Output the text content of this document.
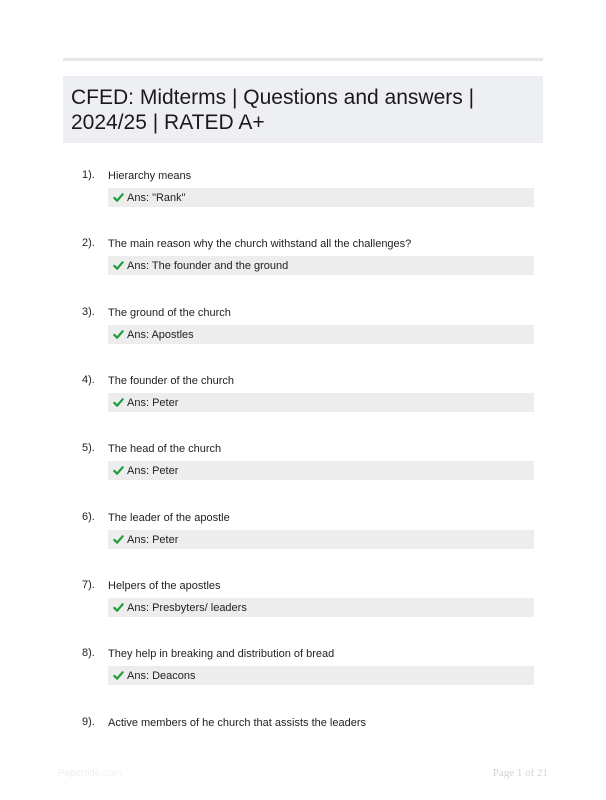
CFED: Midterms | Questions and answers | 2024/25 | RATED A+
1). Hierarchy means
Ans: "Rank"
2). The main reason why the church withstand all the challenges?
Ans: The founder and the ground
3). The ground of the church
Ans: Apostles
4). The founder of the church
Ans: Peter
5). The head of the church
Ans: Peter
6). The leader of the apostle
Ans: Peter
7). Helpers of the apostles
Ans: Presbyters/ leaders
8). They help in breaking and distribution of bread
Ans: Deacons
9). Active members of he church that assists the leaders
Papertitle.com	Page 1 of 21
